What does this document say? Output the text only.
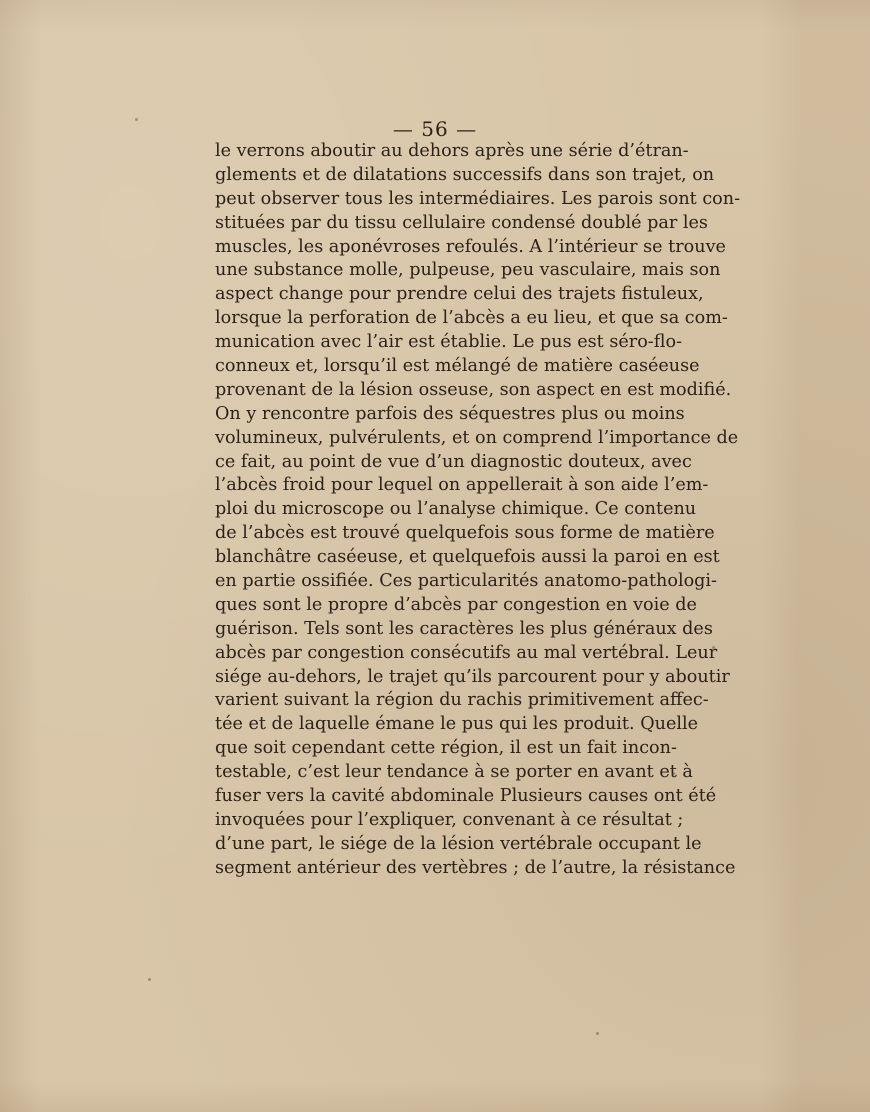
— 56 —
le verrons aboutir au dehors après une série d’étran-
glements et de dilatations successifs dans son trajet, on
peut observer tous les intermédiaires. Les parois sont con-
stituées par du tissu cellulaire condensé doublé par les
muscles, les aponévroses refoulés. A l’intérieur se trouve
une substance molle, pulpeuse, peu vasculaire, mais son
aspect change pour prendre celui des trajets fistuleux,
lorsque la perforation de l’abcès a eu lieu, et que sa com-
munication avec l’air est établie. Le pus est séro-flo-
conneux et, lorsqu’il est mélangé de matière caséeuse
provenant de la lésion osseuse, son aspect en est modifié.
On y rencontre parfois des séquestres plus ou moins
volumineux, pulvérulents, et on comprend l’importance de
ce fait, au point de vue d’un diagnostic douteux, avec
l’abcès froid pour lequel on appellerait à son aide l’em-
ploi du microscope ou l’analyse chimique. Ce contenu
de l’abcès est trouvé quelquefois sous forme de matière
blanchâtre caséeuse, et quelquefois aussi la paroi en est
en partie ossifiée. Ces particularités anatomo-pathologi-
ques sont le propre d’abcès par congestion en voie de
guérison. Tels sont les caractères les plus généraux des
abcès par congestion consécutifs au mal vertébral. Leur
siége au-dehors, le trajet qu’ils parcourent pour y aboutir
varient suivant la région du rachis primitivement affec-
tée et de laquelle émane le pus qui les produit. Quelle
que soit cependant cette région, il est un fait incon-
testable, c’est leur tendance à se porter en avant et à
fuser vers la cavité abdominale Plusieurs causes ont été
invoquées pour l’expliquer, convenant à ce résultat ;
d’une part, le siége de la lésion vertébrale occupant le
segment antérieur des vertèbres ; de l’autre, la résistance
